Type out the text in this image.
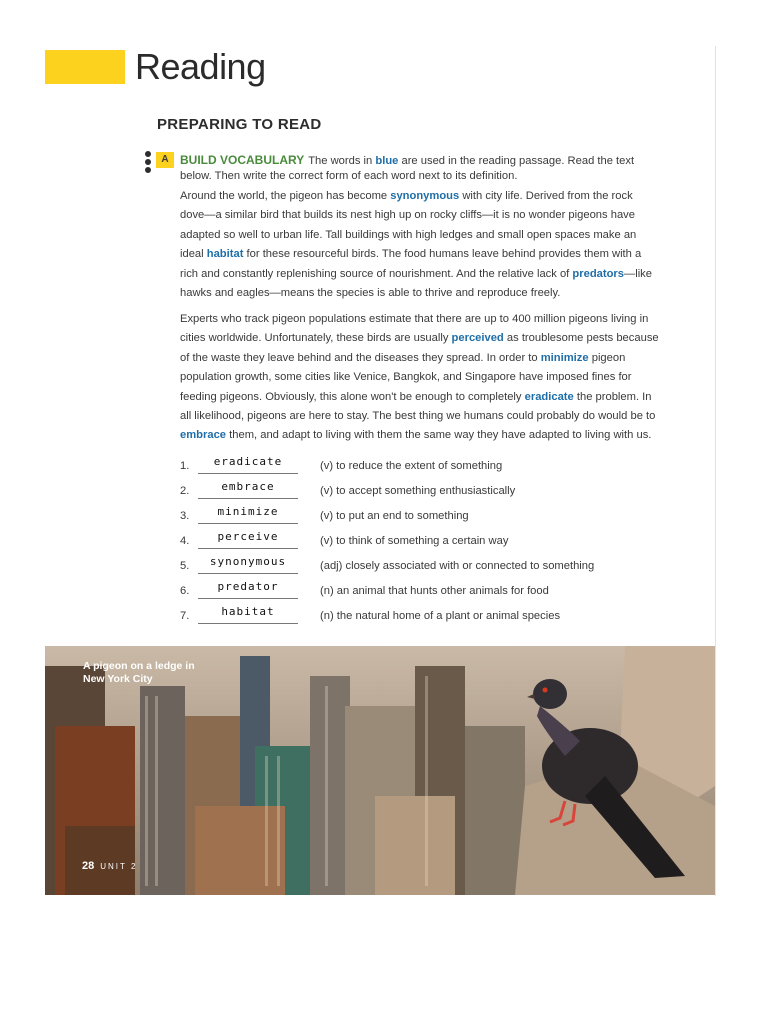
Reading
PREPARING TO READ
A BUILD VOCABULARY The words in blue are used in the reading passage. Read the text below. Then write the correct form of each word next to its definition.
Around the world, the pigeon has become synonymous with city life. Derived from the rock dove—a similar bird that builds its nest high up on rocky cliffs—it is no wonder pigeons have adapted so well to urban life. Tall buildings with high ledges and small open spaces make an ideal habitat for these resourceful birds. The food humans leave behind provides them with a rich and constantly replenishing source of nourishment. And the relative lack of predators—like hawks and eagles—means the species is able to thrive and reproduce freely.
Experts who track pigeon populations estimate that there are up to 400 million pigeons living in cities worldwide. Unfortunately, these birds are usually perceived as troublesome pests because of the waste they leave behind and the diseases they spread. In order to minimize pigeon population growth, some cities like Venice, Bangkok, and Singapore have imposed fines for feeding pigeons. Obviously, this alone won't be enough to completely eradicate the problem. In all likelihood, pigeons are here to stay. The best thing we humans could probably do would be to embrace them, and adapt to living with them the same way they have adapted to living with us.
1.	eradicate	(v) to reduce the extent of something
2.	embrace	(v) to accept something enthusiastically
3.	minimize	(v) to put an end to something
4.	perceive	(v) to think of something a certain way
5.	synonymous	(adj) closely associated with or connected to something
6.	predator	(n) an animal that hunts other animals for food
7.	habitat	(n) the natural home of a plant or animal species
A pigeon on a ledge in New York City
28 UNIT 2
